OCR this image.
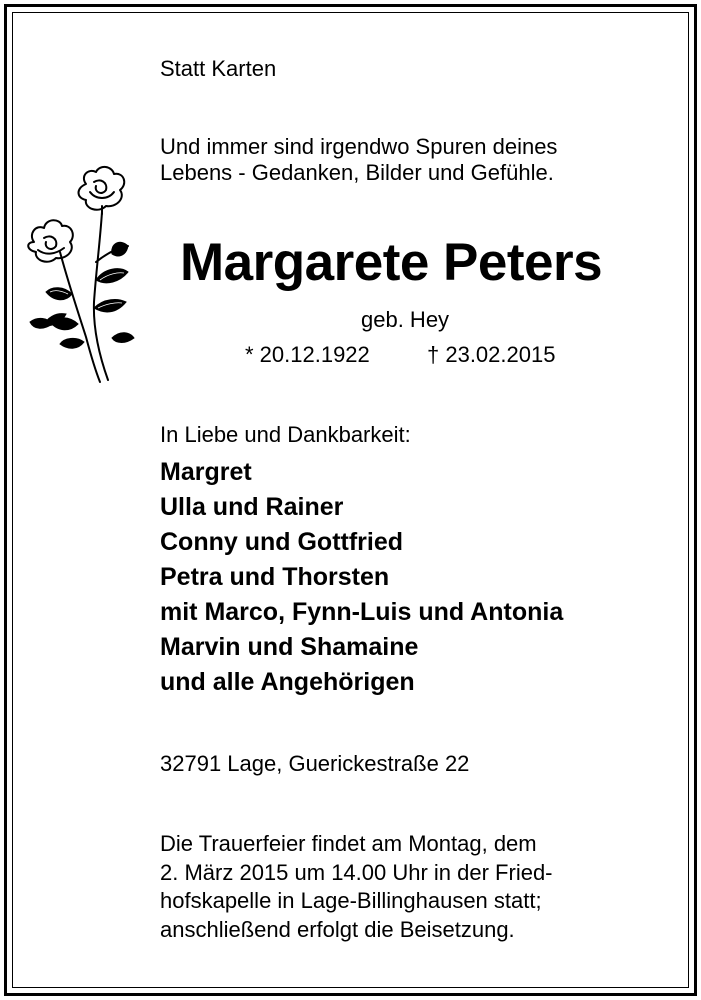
Statt Karten
Und immer sind irgendwo Spuren deines
Lebens - Gedanken, Bilder und Gefühle.
Margarete Peters
geb. Hey
* 20.12.1922	† 23.02.2015
In Liebe und Dankbarkeit:
Margret
Ulla und Rainer
Conny und Gottfried
Petra und Thorsten
mit Marco, Fynn-Luis und Antonia
Marvin und Shamaine
und alle Angehörigen
32791 Lage, Guerickestraße 22
Die Trauerfeier findet am Montag, dem
2. März 2015 um 14.00 Uhr in der Fried-
hofskapelle in Lage-Billinghausen statt;
anschließend erfolgt die Beisetzung.
